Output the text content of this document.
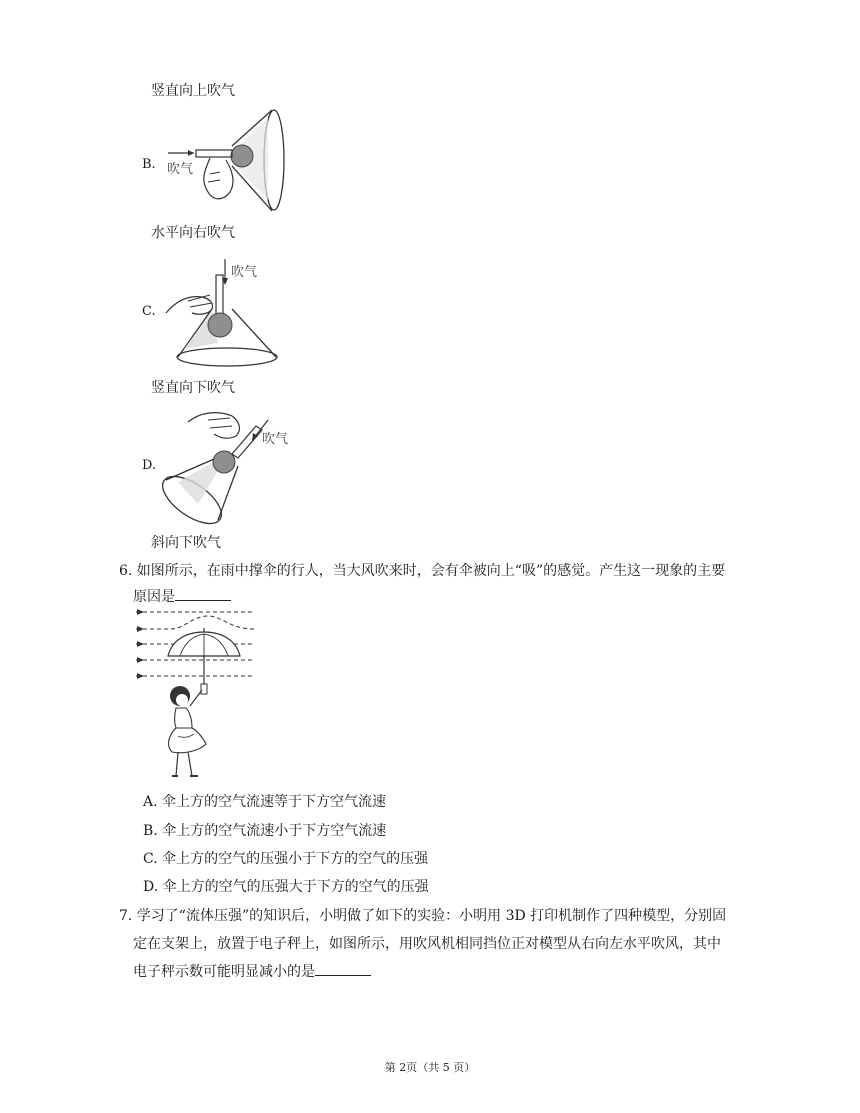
竖直向上吹气
B. 吹气
水平向右吹气
C.
吹气
竖直向下吹气
D.
吹气
斜向下吹气
6. 如图所示，在雨中撑伞的行人，当大风吹来时，会有伞被向上“吸”的感觉。产生这一现象的主要
原因是
A. 伞上方的空气流速等于下方空气流速
B. 伞上方的空气流速小于下方空气流速
C. 伞上方的空气的压强小于下方的空气的压强
D. 伞上方的空气的压强大于下方的空气的压强
7. 学习了“流体压强”的知识后，小明做了如下的实验：小明用 3D 打印机制作了四种模型，分别固
定在支架上，放置于电子秤上，如图所示，用吹风机相同挡位正对模型从右向左水平吹风，其中
电子秤示数可能明显减小的是
第 2页（共 5 页）
